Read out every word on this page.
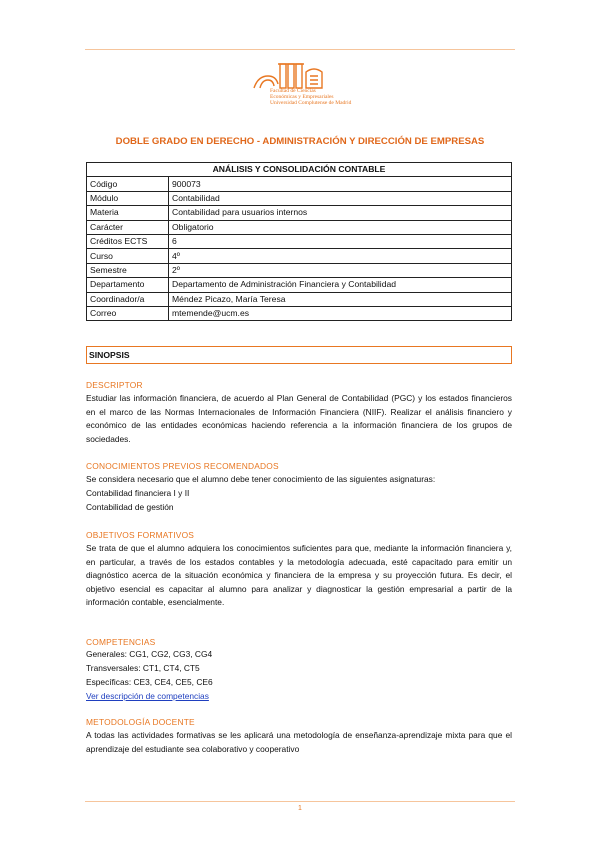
Facultad de Ciencias
Económicas y Empresariales
Universidad Complutense de Madrid
DOBLE GRADO EN DERECHO - ADMINISTRACIÓN Y DIRECCIÓN DE EMPRESAS
ANÁLISIS Y CONSOLIDACIÓN CONTABLE	
Código	900073
Módulo	Contabilidad
Materia	Contabilidad para usuarios internos
Carácter	Obligatorio
Créditos ECTS	6
Curso	4º
Semestre	2º
Departamento	Departamento de Administración Financiera y Contabilidad
Coordinador/a	Méndez Picazo, María Teresa
Correo	mtemende@ucm.es
SINOPSIS
DESCRIPTOR
Estudiar las información financiera, de acuerdo al Plan General de Contabilidad (PGC) y los estados financieros en el marco de las Normas Internacionales de Información Financiera (NIIF). Realizar el análisis financiero y económico de las entidades económicas haciendo referencia a la información financiera de los grupos de sociedades.
CONOCIMIENTOS PREVIOS RECOMENDADOS
Se considera necesario que el alumno debe tener conocimiento de las siguientes asignaturas:
Contabilidad financiera I y II
Contabilidad de gestión
OBJETIVOS FORMATIVOS
Se trata de que el alumno adquiera los conocimientos suficientes para que, mediante la información financiera y, en particular, a través de los estados contables y la metodología adecuada, esté capacitado para emitir un diagnóstico acerca de la situación económica y financiera de la empresa y su proyección futura. Es decir, el objetivo esencial es capacitar al alumno para analizar y diagnosticar la gestión empresarial a partir de la información contable, esencialmente.
COMPETENCIAS
Generales: CG1, CG2, CG3, CG4
Transversales: CT1, CT4, CT5
Específicas: CE3, CE4, CE5, CE6
Ver descripción de competencias
METODOLOGÍA DOCENTE
A todas las actividades formativas se les aplicará una metodología de enseñanza-aprendizaje mixta para que el aprendizaje del estudiante sea colaborativo y cooperativo
1
